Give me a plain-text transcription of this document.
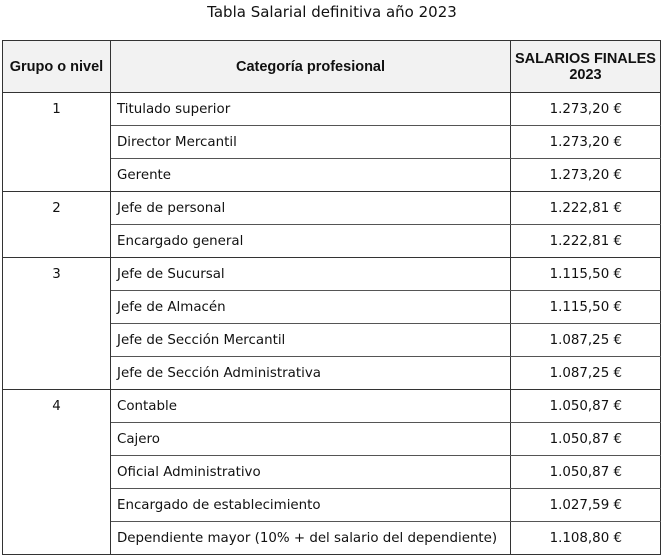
Tabla Salarial definitiva año 2023
Grupo o nivel	Categoría profesional	SALARIOS FINALES
2023
1	Titulado superior	1.273,20 €
	Director Mercantil	1.273,20 €
	Gerente	1.273,20 €
2	Jefe de personal	1.222,81 €
	Encargado general	1.222,81 €
3	Jefe de Sucursal	1.115,50 €
	Jefe de Almacén	1.115,50 €
	Jefe de Sección Mercantil	1.087,25 €
	Jefe de Sección Administrativa	1.087,25 €
4	Contable	1.050,87 €
	Cajero	1.050,87 €
	Oficial Administrativo	1.050,87 €
	Encargado de establecimiento	1.027,59 €
	Dependiente mayor (10% + del salario del dependiente)	1.108,80 €
